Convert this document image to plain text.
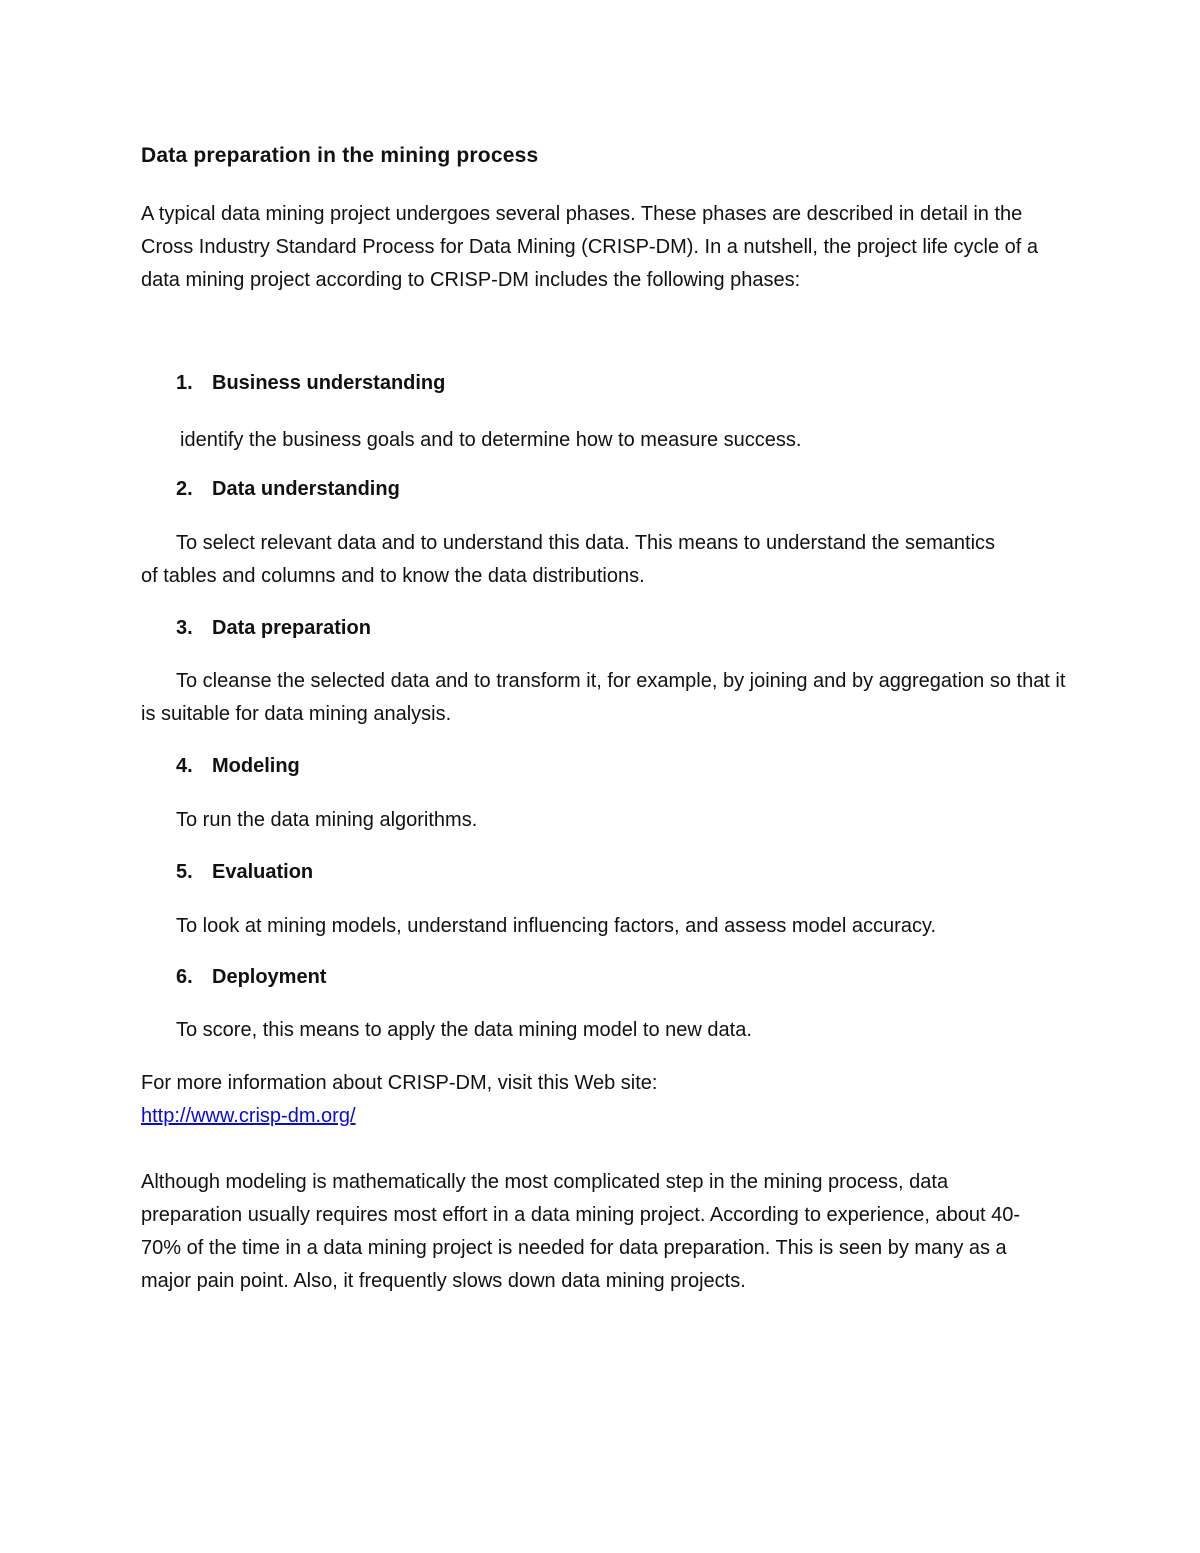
Data preparation in the mining process
A typical data mining project undergoes several phases. These phases are described in detail in the Cross Industry Standard Process for Data Mining (CRISP-DM). In a nutshell, the project life cycle of a data mining project according to CRISP-DM includes the following phases:
1. Business understanding
identify the business goals and to determine how to measure success.
2. Data understanding
To select relevant data and to understand this data. This means to understand the semantics of tables and columns and to know the data distributions.
3. Data preparation
To cleanse the selected data and to transform it, for example, by joining and by aggregation so that it is suitable for data mining analysis.
4. Modeling
To run the data mining algorithms.
5. Evaluation
To look at mining models, understand influencing factors, and assess model accuracy.
6. Deployment
To score, this means to apply the data mining model to new data.
For more information about CRISP-DM, visit this Web site:
http://www.crisp-dm.org/
Although modeling is mathematically the most complicated step in the mining process, data preparation usually requires most effort in a data mining project. According to experience, about 40-70% of the time in a data mining project is needed for data preparation. This is seen by many as a major pain point. Also, it frequently slows down data mining projects.
